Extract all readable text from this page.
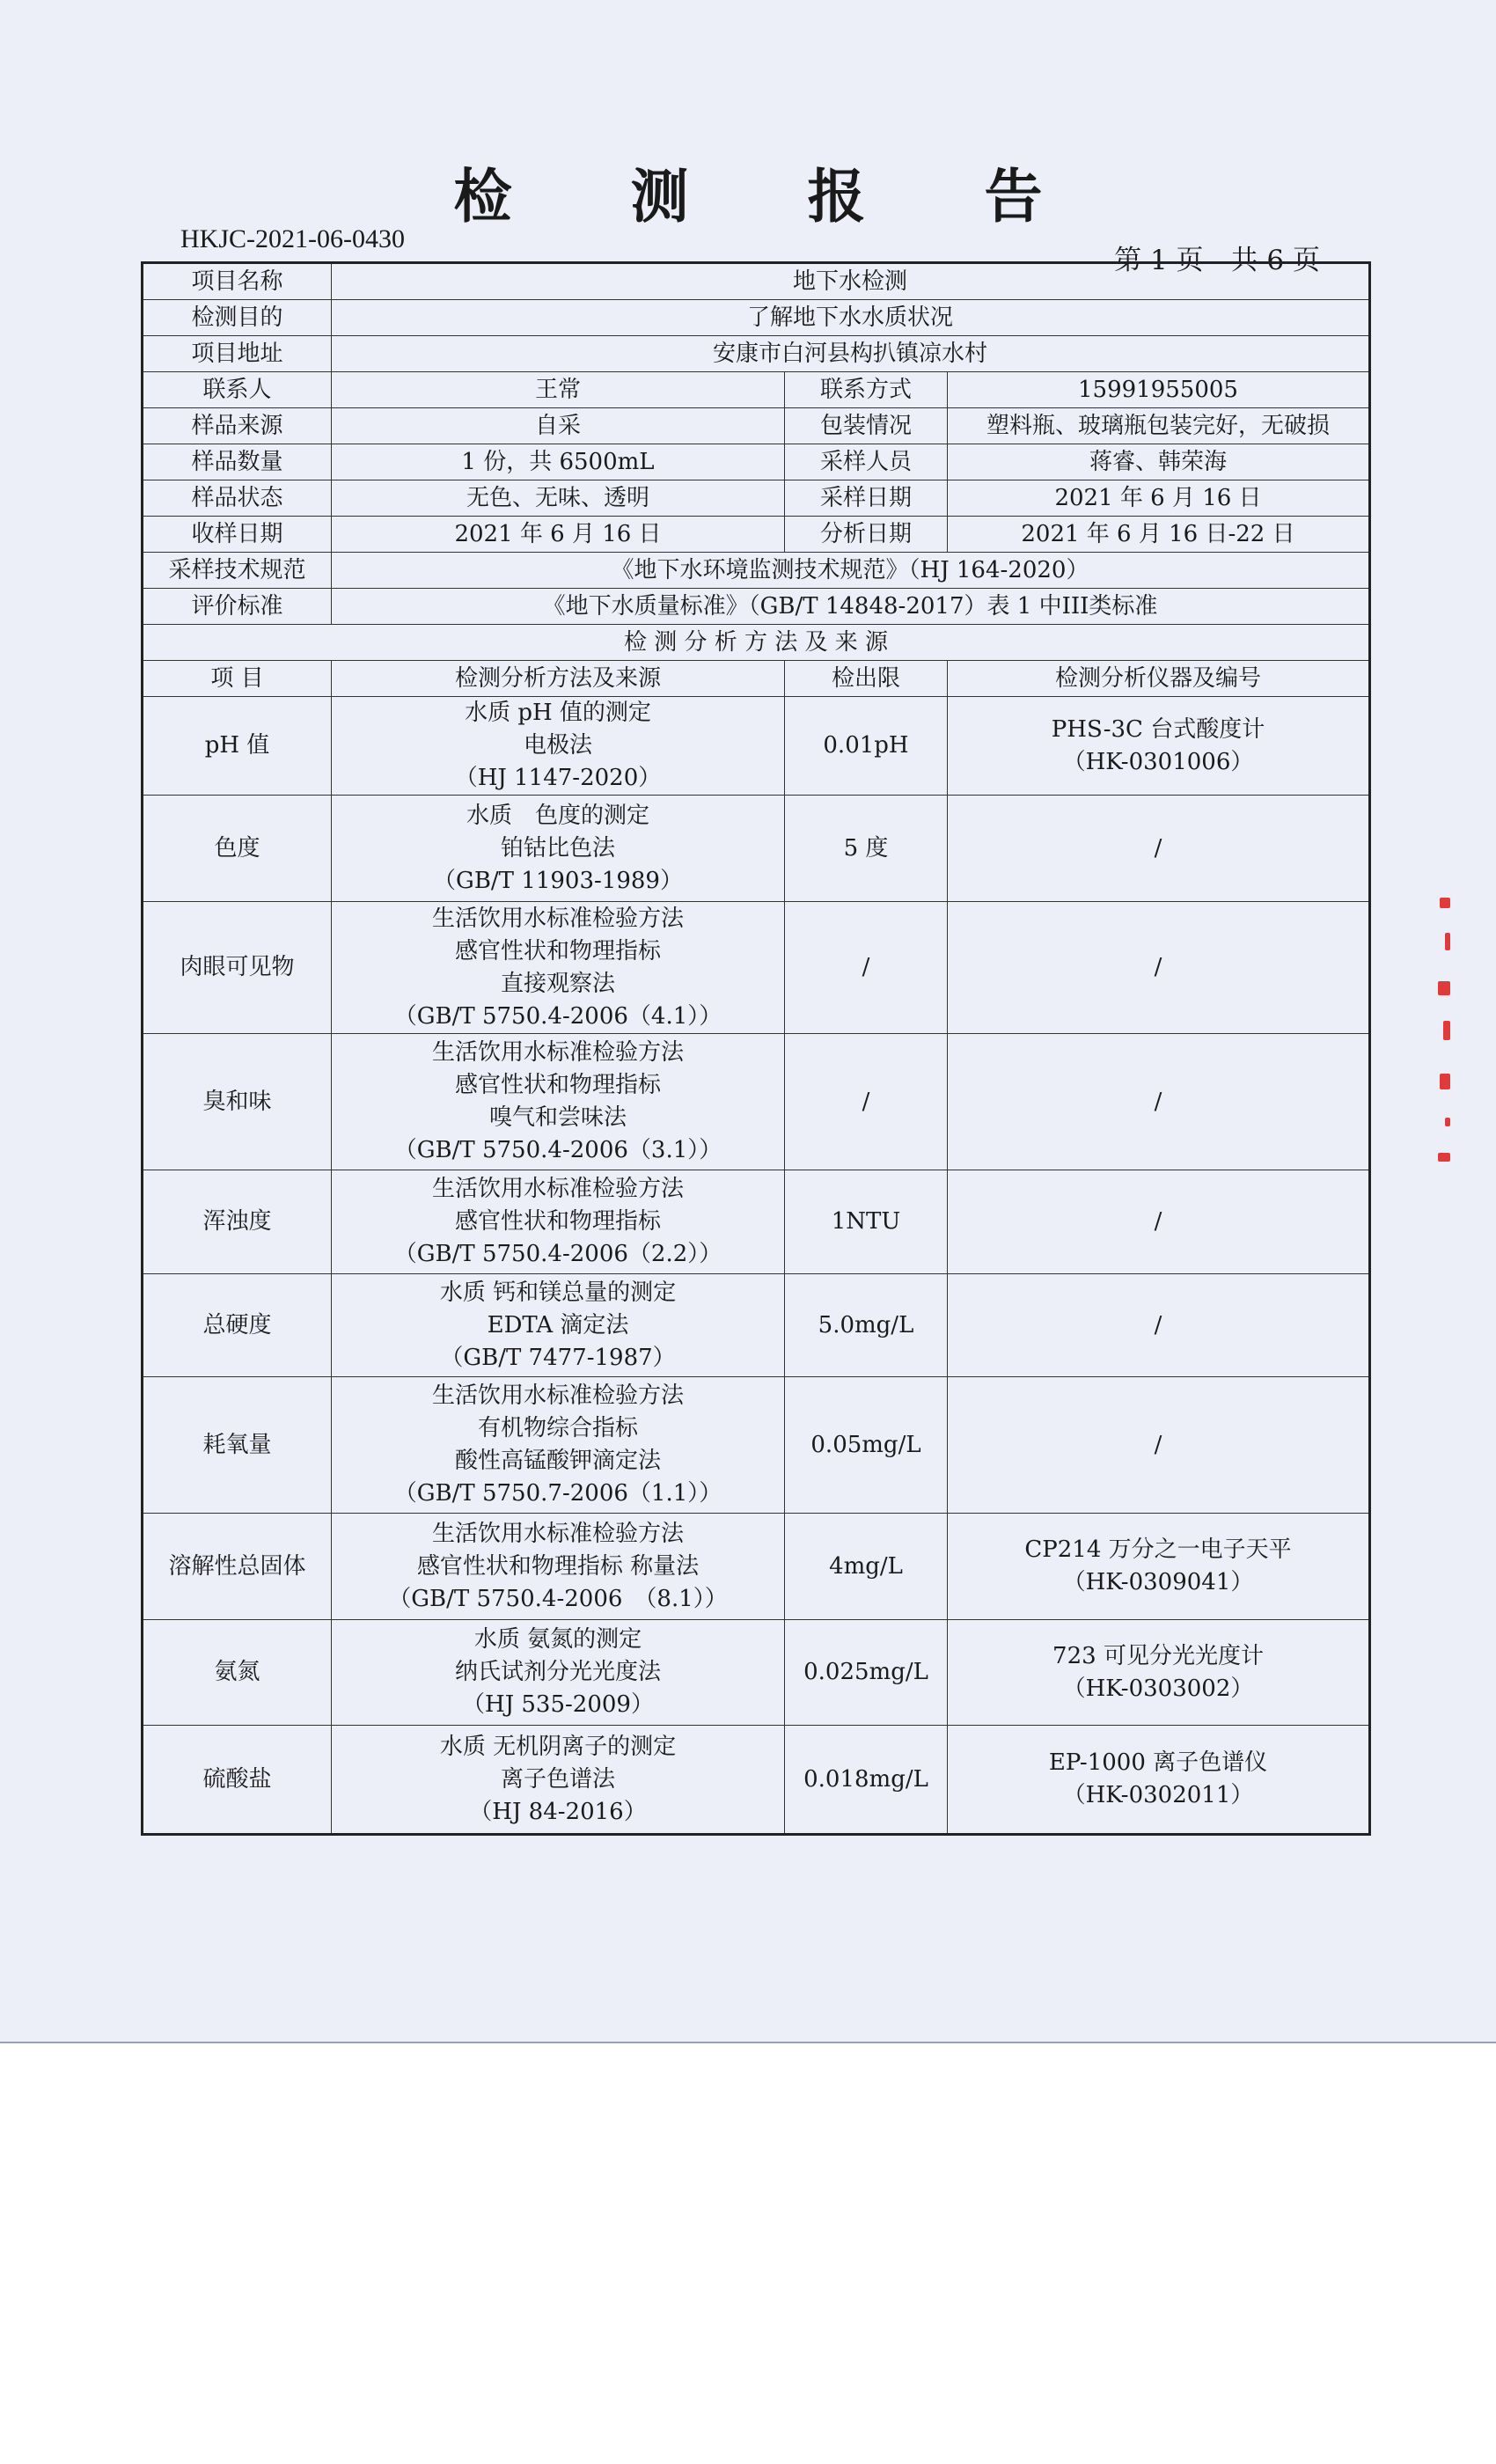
检 测 报 告
HKJC-2021-06-0430
第 1 页　共 6 页
项目名称	地下水检测		
检测目的	了解地下水水质状况		
项目地址	安康市白河县构扒镇凉水村		
联系人	王常	联系方式	15991955005
样品来源	自采	包装情况	塑料瓶、玻璃瓶包装完好，无破损
样品数量	1 份，共 6500mL	采样人员	蒋睿、韩荣海
样品状态	无色、无味、透明	采样日期	2021 年 6 月 16 日
收样日期	2021 年 6 月 16 日	分析日期	2021 年 6 月 16 日-22 日
采样技术规范	《地下水环境监测技术规范》（HJ 164-2020）		
评价标准	《地下水质量标准》（GB/T 14848-2017）表 1 中III类标准		
检 测 分 析 方 法 及 来 源			
项 目	检测分析方法及来源	检出限	检测分析仪器及编号
pH 值	水质 pH 值的测定
电极法
（HJ 1147-2020）	0.01pH	PHS-3C 台式酸度计
（HK-0301006）
色度	水质　色度的测定
铂钴比色法
（GB/T 11903-1989）	5 度	/
肉眼可见物	生活饮用水标准检验方法
感官性状和物理指标
直接观察法
（GB/T 5750.4-2006（4.1））	/	/
臭和味	生活饮用水标准检验方法
感官性状和物理指标
嗅气和尝味法
（GB/T 5750.4-2006（3.1））	/	/
浑浊度	生活饮用水标准检验方法
感官性状和物理指标
（GB/T 5750.4-2006（2.2））	1NTU	/
总硬度	水质 钙和镁总量的测定
EDTA 滴定法
（GB/T 7477-1987）	5.0mg/L	/
耗氧量	生活饮用水标准检验方法
有机物综合指标
酸性高锰酸钾滴定法
（GB/T 5750.7-2006（1.1））	0.05mg/L	/
溶解性总固体	生活饮用水标准检验方法
感官性状和物理指标 称量法
（GB/T 5750.4-2006　（8.1））	4mg/L	CP214 万分之一电子天平
（HK-0309041）
氨氮	水质 氨氮的测定
纳氏试剂分光光度法
（HJ 535-2009）	0.025mg/L	723 可见分光光度计
（HK-0303002）
硫酸盐	水质 无机阴离子的测定
离子色谱法
（HJ 84-2016）	0.018mg/L	EP-1000 离子色谱仪
（HK-0302011）
